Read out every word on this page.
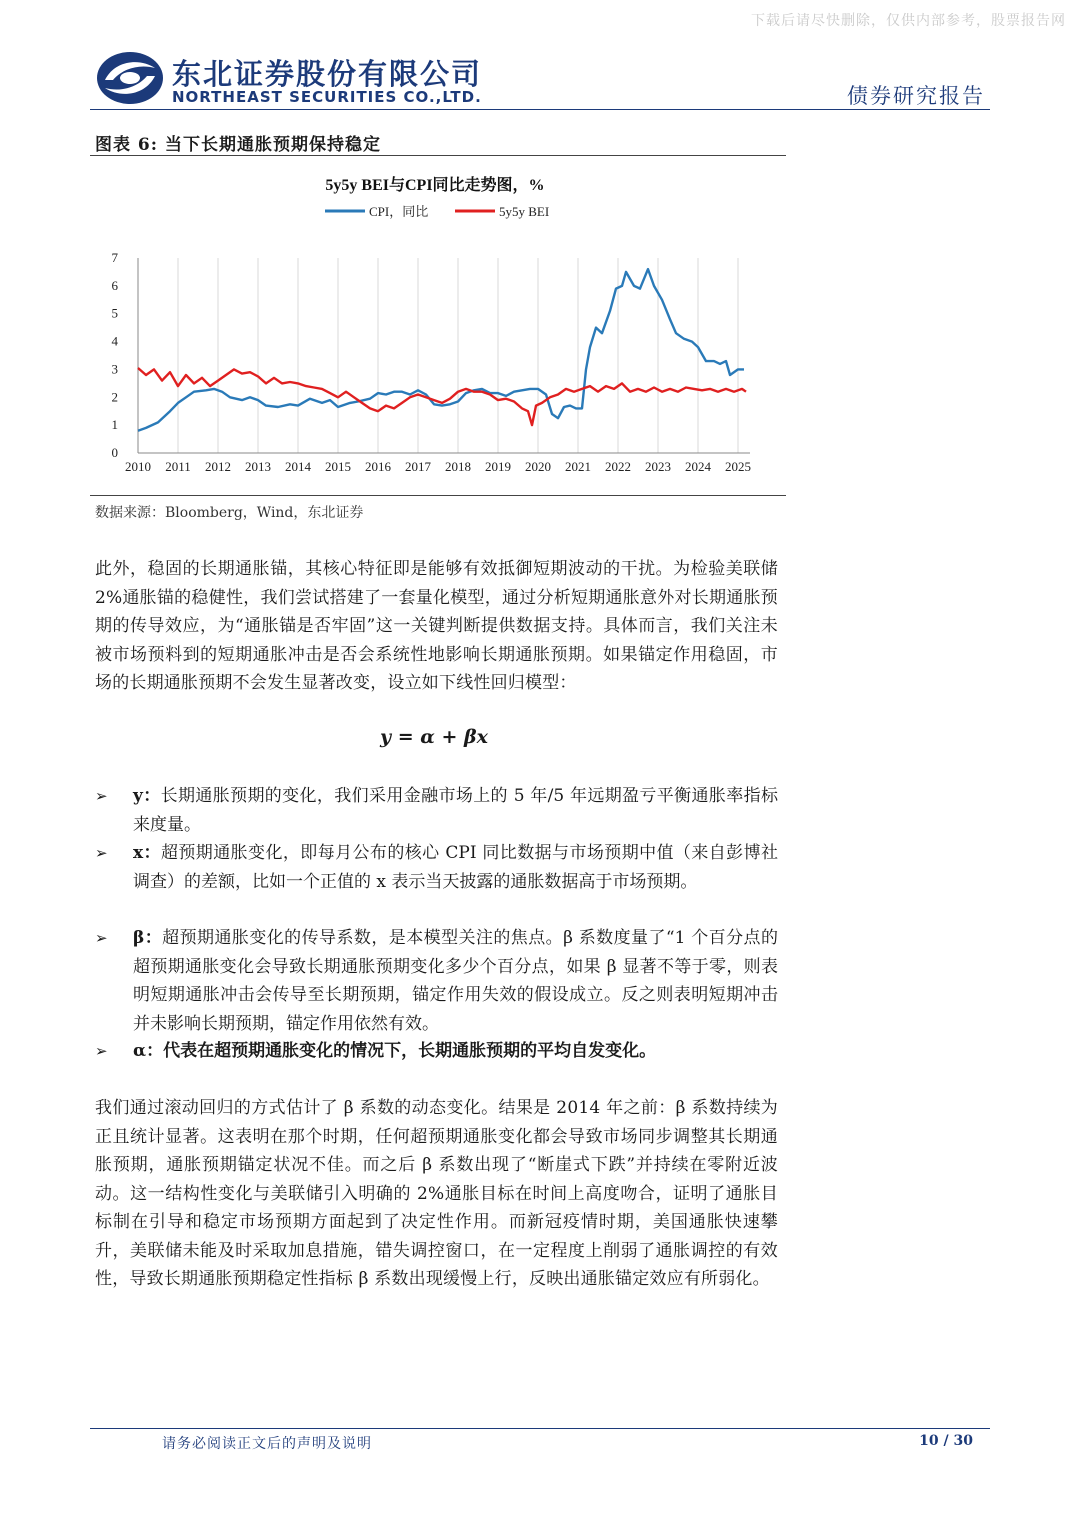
下载后请尽快删除，仅供内部参考，股票报告网
东北证券股份有限公司
NORTHEAST SECURITIES CO.,LTD.	债券研究报告
图表 6: 当下长期通胀预期保持稳定
5y5y BEI与CPI同比走势图，%
CPI，同比	5y5y BEI
2010 2011 2012 2013 2014 2015 2016 2017 2018 2019 2020 2021 2022 2023 2024 2025
0
1
2
3
4
5
6
7
数据来源：Bloomberg，Wind，东北证券
此外，稳固的长期通胀锚，其核心特征即是能够有效抵御短期波动的干扰。为检验美联储 2%通胀锚的稳健性，我们尝试搭建了一套量化模型，通过分析短期通胀意外对长期通胀预期的传导效应，为“通胀锚是否牢固”这一关键判断提供数据支持。具体而言，我们关注未被市场预料到的短期通胀冲击是否会系统性地影响长期通胀预期。如果锚定作用稳固，市场的长期通胀预期不会发生显著改变，设立如下线性回归模型：
y = α + βx
➢ y：长期通胀预期的变化，我们采用金融市场上的 5 年/5 年远期盈亏平衡通胀率指标来度量。
➢ x：超预期通胀变化，即每月公布的核心 CPI 同比数据与市场预期中值（来自彭博社调查）的差额，比如一个正值的 x 表示当天披露的通胀数据高于市场预期。
➢ β：超预期通胀变化的传导系数，是本模型关注的焦点。β 系数度量了“1 个百分点的超预期通胀变化会导致长期通胀预期变化多少个百分点，如果 β 显著不等于零，则表明短期通胀冲击会传导至长期预期，锚定作用失效的假设成立。反之则表明短期冲击并未影响长期预期，锚定作用依然有效。
➢ α：代表在超预期通胀变化的情况下，长期通胀预期的平均自发变化。
我们通过滚动回归的方式估计了 β 系数的动态变化。结果是 2014 年之前：β 系数持续为正且统计显著。这表明在那个时期，任何超预期通胀变化都会导致市场同步调整其长期通胀预期，通胀预期锚定状况不佳。而之后 β 系数出现了“断崖式下跌”并持续在零附近波动。这一结构性变化与美联储引入明确的 2%通胀目标在时间上高度吻合，证明了通胀目标制在引导和稳定市场预期方面起到了决定性作用。而新冠疫情时期，美国通胀快速攀升，美联储未能及时采取加息措施，错失调控窗口，在一定程度上削弱了通胀调控的有效性，导致长期通胀预期稳定性指标 β 系数出现缓慢上行，反映出通胀锚定效应有所弱化。
请务必阅读正文后的声明及说明	10 / 30
